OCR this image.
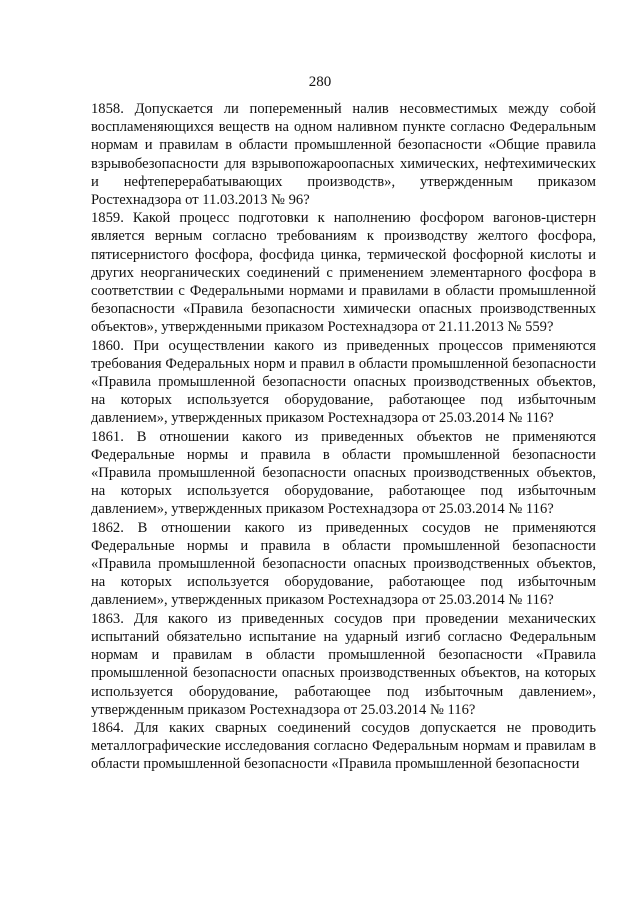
280

1858. Допускается ли попеременный налив несовместимых между собой воспламеняющихся веществ на одном наливном пункте согласно Федеральным нормам и правилам в области промышленной безопасности «Общие правила взрывобезопасности для взрывопожароопасных химических, нефтехимических и нефтеперерабатывающих производств», утвержденным приказом Ростехнадзора от 11.03.2013 № 96?

1859. Какой процесс подготовки к наполнению фосфором вагонов-цистерн является верным согласно требованиям к производству желтого фосфора, пятисернистого фосфора, фосфида цинка, термической фосфорной кислоты и других неорганических соединений с применением элементарного фосфора в соответствии с Федеральными нормами и правилами в области промышленной безопасности «Правила безопасности химически опасных производственных объектов», утвержденными приказом Ростехнадзора от 21.11.2013 № 559?

1860. При осуществлении какого из приведенных процессов применяются требования Федеральных норм и правил в области промышленной безопасности «Правила промышленной безопасности опасных производственных объектов, на которых используется оборудование, работающее под избыточным давлением», утвержденных приказом Ростехнадзора от 25.03.2014 № 116?

1861. В отношении какого из приведенных объектов не применяются Федеральные нормы и правила в области промышленной безопасности «Правила промышленной безопасности опасных производственных объектов, на которых используется оборудование, работающее под избыточным давлением», утвержденных приказом Ростехнадзора от 25.03.2014 № 116?

1862. В отношении какого из приведенных сосудов не применяются Федеральные нормы и правила в области промышленной безопасности «Правила промышленной безопасности опасных производственных объектов, на которых используется оборудование, работающее под избыточным давлением», утвержденных приказом Ростехнадзора от 25.03.2014 № 116?

1863. Для какого из приведенных сосудов при проведении механических испытаний обязательно испытание на ударный изгиб согласно Федеральным нормам и правилам в области промышленной безопасности «Правила промышленной безопасности опасных производственных объектов, на которых используется оборудование, работающее под избыточным давлением», утвержденным приказом Ростехнадзора от 25.03.2014 № 116?

1864. Для каких сварных соединений сосудов допускается не проводить металлографические исследования согласно Федеральным нормам и правилам в области промышленной безопасности «Правила промышленной безопасности
